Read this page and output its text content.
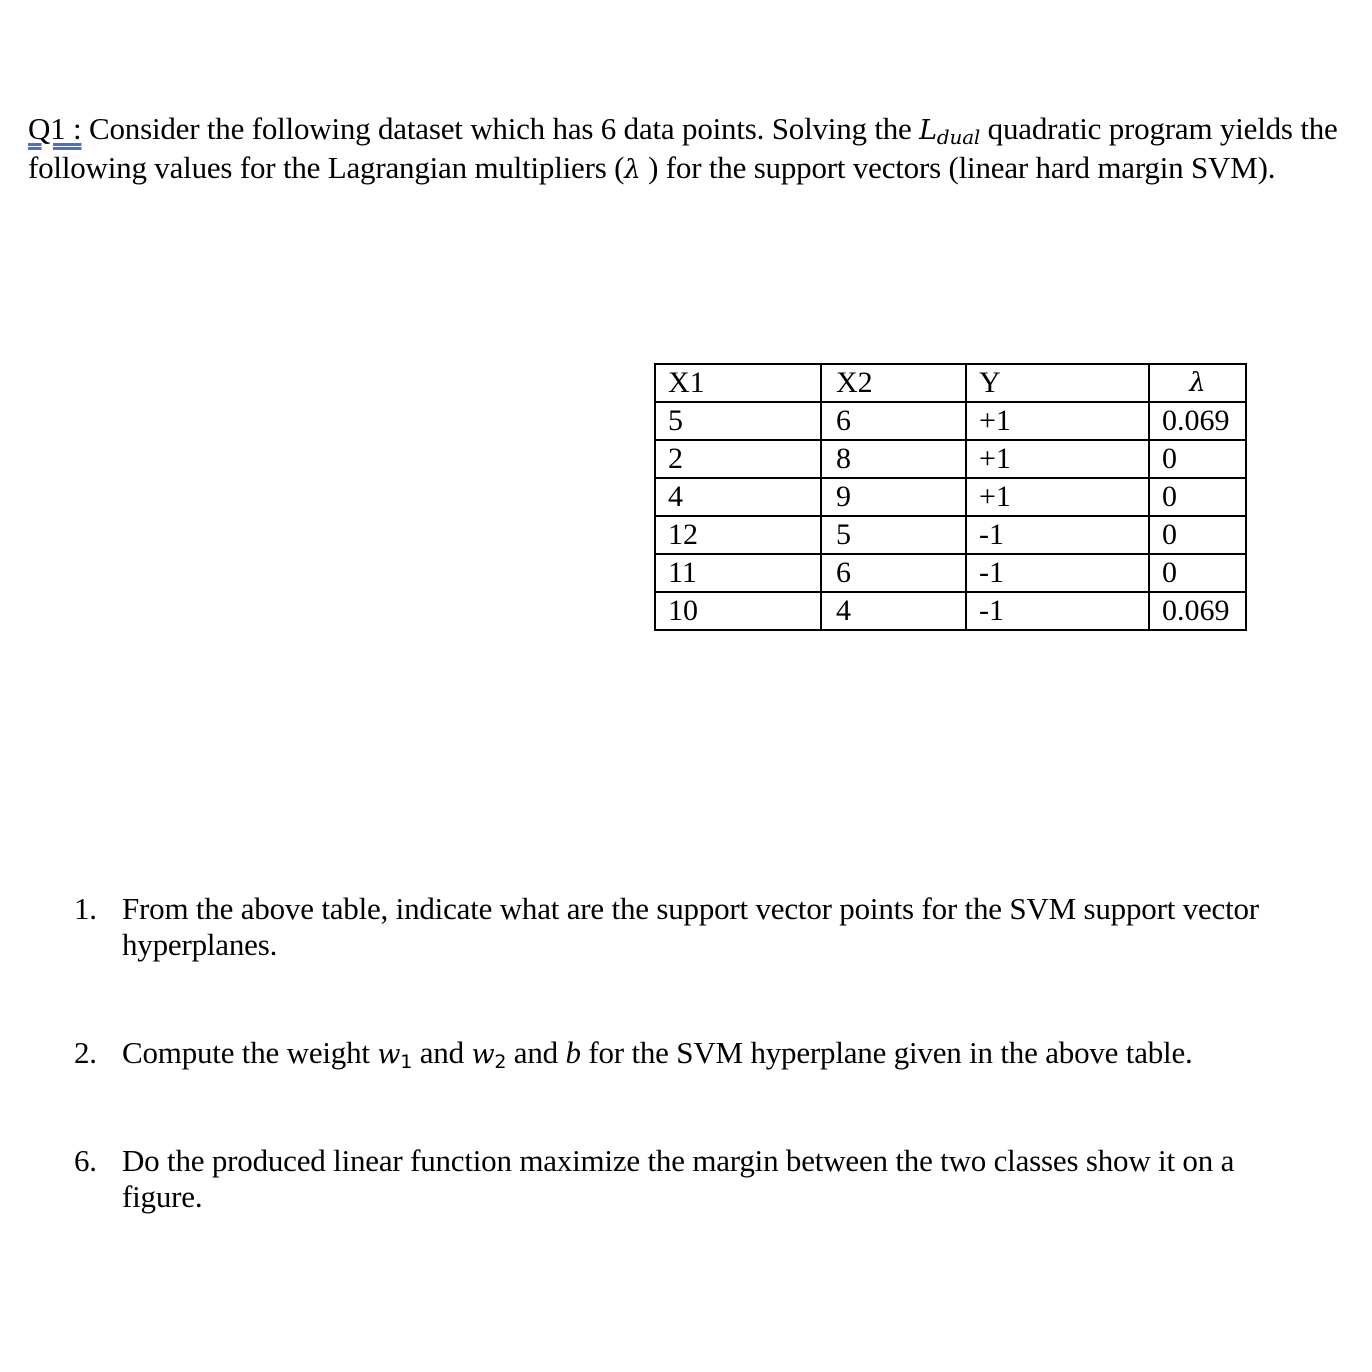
Q1 : Consider the following dataset which has 6 data points. Solving the $L_{dual}$ quadratic program yields the following values for the Lagrangian multipliers (λ ) for the support vectors (linear hard margin SVM).
X1	X2	Y	λ
5	6	+1	0.069
2	8	+1	0
4	9	+1	0
12	5	-1	0
11	6	-1	0
10	4	-1	0.069
1. From the above table, indicate what are the support vector points for the SVM support vector hyperplanes.
2. Compute the weight $w_1$ and $w_2$ and b for the SVM hyperplane given in the above table.
6. Do the produced linear function maximize the margin between the two classes show it on a figure.
